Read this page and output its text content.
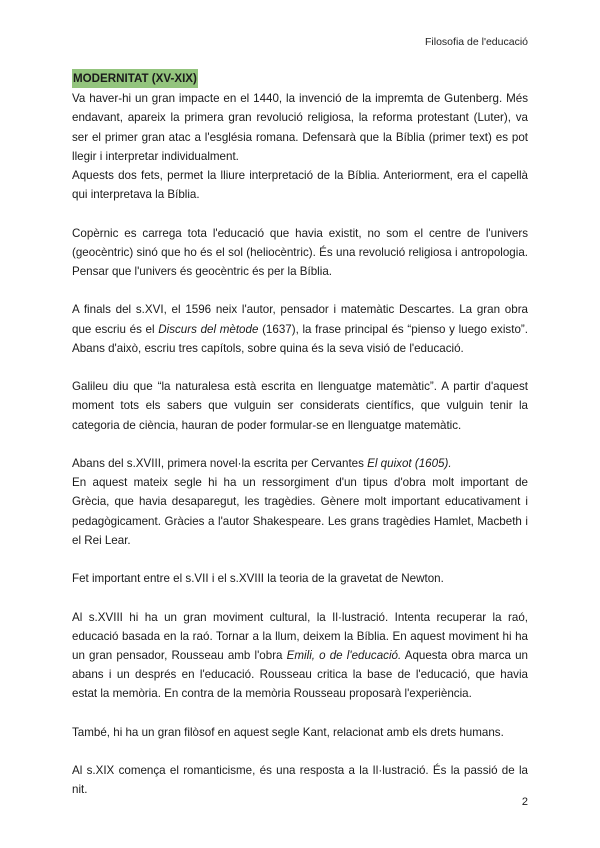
Filosofia de l'educació
MODERNITAT (XV-XIX)

Va haver-hi un gran impacte en el 1440, la invenció de la impremta de Gutenberg. Més endavant, apareix la primera gran revolució religiosa, la reforma protestant (Luter), va ser el primer gran atac a l'església romana. Defensarà que la Bíblia (primer text) es pot llegir i interpretar individualment.

Aquests dos fets, permet la lliure interpretació de la Bíblia. Anteriorment, era el capellà qui interpretava la Bíblia.

Copèrnic es carrega tota l'educació que havia existit, no som el centre de l'univers (geocèntric) sinó que ho és el sol (heliocèntric). És una revolució religiosa i antropologia. Pensar que l'univers és geocèntric és per la Bíblia.

A finals del s.XVI, el 1596 neix l'autor, pensador i matemàtic Descartes. La gran obra que escriu és el Discurs del mètode (1637), la frase principal és “pienso y luego existo”. Abans d'això, escriu tres capítols, sobre quina és la seva visió de l'educació.

Galileu diu que “la naturalesa està escrita en llenguatge matemàtic”. A partir d'aquest moment tots els sabers que vulguin ser considerats científics, que vulguin tenir la categoria de ciència, hauran de poder formular-se en llenguatge matemàtic.

Abans del s.XVIII, primera novel·la escrita per Cervantes El quixot (1605).

En aquest mateix segle hi ha un ressorgiment d'un tipus d'obra molt important de Grècia, que havia desaparegut, les tragèdies. Gènere molt important educativament i pedagògicament. Gràcies a l'autor Shakespeare. Les grans tragèdies Hamlet, Macbeth i el Rei Lear.

Fet important entre el s.VII i el s.XVIII la teoria de la gravetat de Newton.

Al s.XVIII hi ha un gran moviment cultural, la Il·lustració. Intenta recuperar la raó, educació basada en la raó. Tornar a la llum, deixem la Bíblia. En aquest moviment hi ha un gran pensador, Rousseau amb l'obra Emili, o de l'educació. Aquesta obra marca un abans i un després en l'educació. Rousseau critica la base de l'educació, que havia estat la memòria. En contra de la memòria Rousseau proposarà l'experiència.

També, hi ha un gran filòsof en aquest segle Kant, relacionat amb els drets humans.

Al s.XIX comença el romanticisme, és una resposta a la Il·lustració. És la passió de la nit.

2
